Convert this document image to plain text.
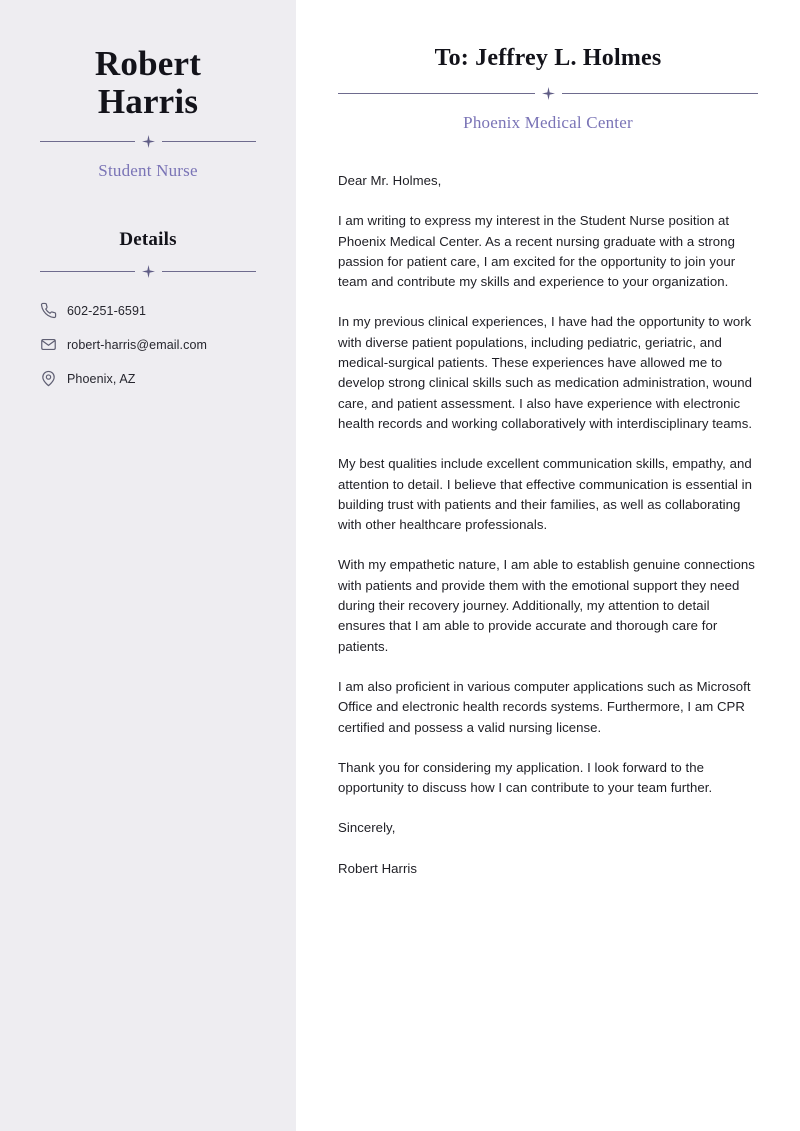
Robert
Harris
Student Nurse
Details
602-251-6591
robert-harris@email.com
Phoenix, AZ
To: Jeffrey L. Holmes
Phoenix Medical Center

Dear Mr. Holmes,

I am writing to express my interest in the Student Nurse position at Phoenix Medical Center. As a recent nursing graduate with a strong passion for patient care, I am excited for the opportunity to join your team and contribute my skills and experience to your organization.

In my previous clinical experiences, I have had the opportunity to work with diverse patient populations, including pediatric, geriatric, and medical-surgical patients. These experiences have allowed me to develop strong clinical skills such as medication administration, wound care, and patient assessment. I also have experience with electronic health records and working collaboratively with interdisciplinary teams.

My best qualities include excellent communication skills, empathy, and attention to detail. I believe that effective communication is essential in building trust with patients and their families, as well as collaborating with other healthcare professionals.

With my empathetic nature, I am able to establish genuine connections with patients and provide them with the emotional support they need during their recovery journey. Additionally, my attention to detail ensures that I am able to provide accurate and thorough care for patients.

I am also proficient in various computer applications such as Microsoft Office and electronic health records systems. Furthermore, I am CPR certified and possess a valid nursing license.

Thank you for considering my application. I look forward to the opportunity to discuss how I can contribute to your team further.

Sincerely,

Robert Harris
